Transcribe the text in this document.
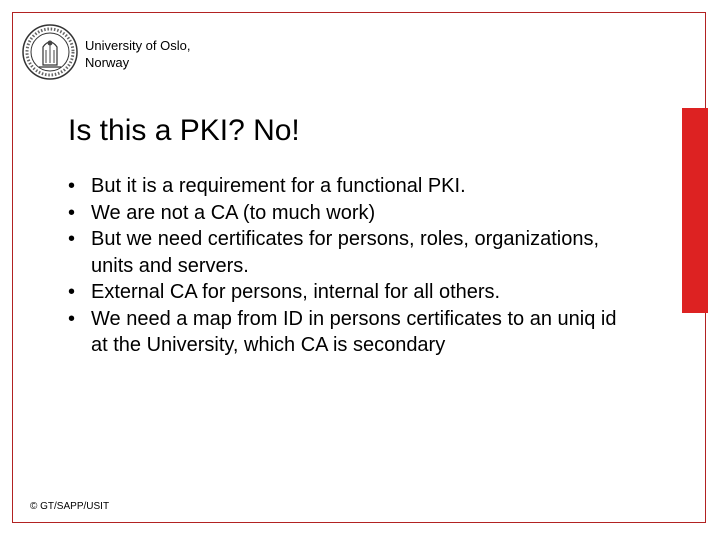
University of Oslo,
Norway
Is this a PKI? No!
• But it is a requirement for a functional PKI.
• We are not a CA (to much work)
• But we need certificates for persons, roles, organizations, units and servers.
• External CA for persons, internal for all others.
• We need a map from ID in persons certificates to an uniq id at the University, which CA is secondary
© GT/SAPP/USIT
